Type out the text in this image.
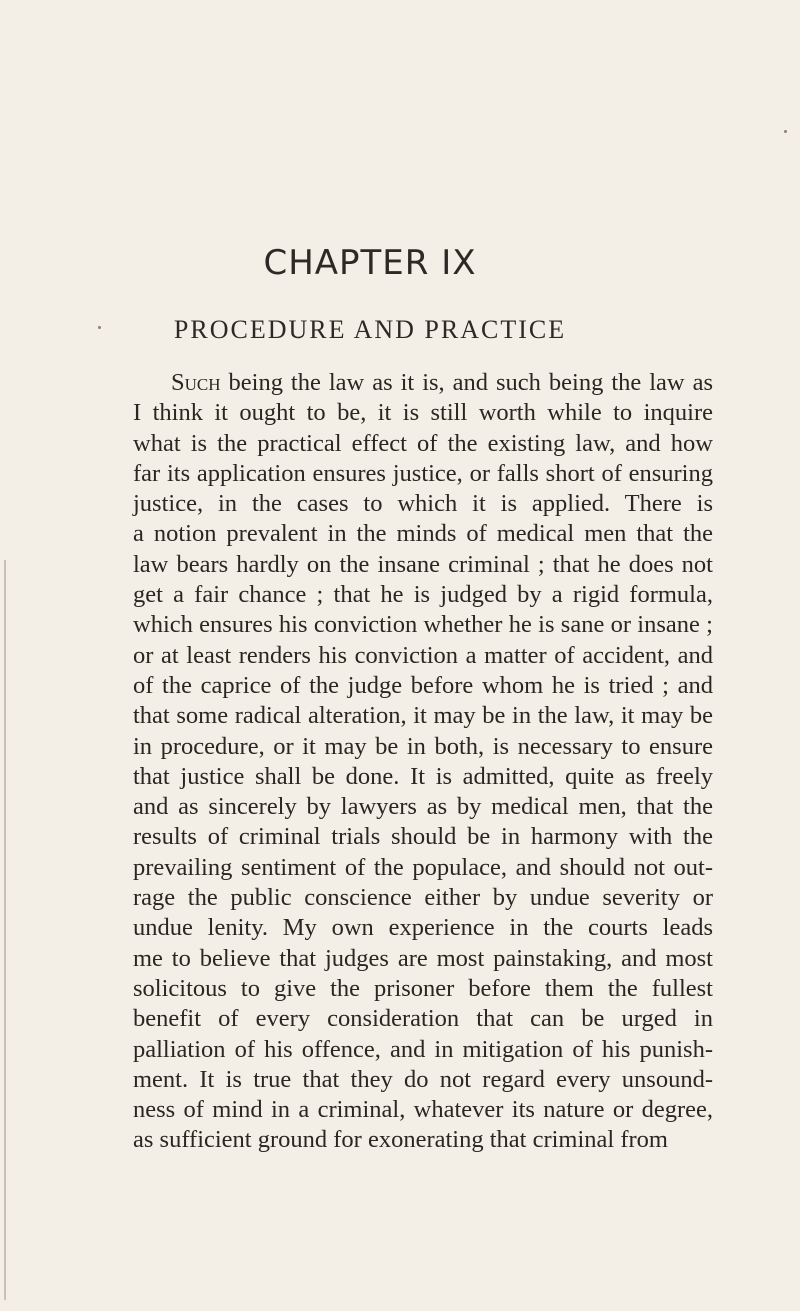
CHAPTER IX
PROCEDURE AND PRACTICE
Such being the law as it is, and such being the law as
I think it ought to be, it is still worth while to inquire
what is the practical effect of the existing law, and how
far its application ensures justice, or falls short of ensuring
justice, in the cases to which it is applied. There is
a notion prevalent in the minds of medical men that the
law bears hardly on the insane criminal ; that he does not
get a fair chance ; that he is judged by a rigid formula,
which ensures his conviction whether he is sane or insane ;
or at least renders his conviction a matter of accident, and
of the caprice of the judge before whom he is tried ; and
that some radical alteration, it may be in the law, it may be
in procedure, or it may be in both, is necessary to ensure
that justice shall be done. It is admitted, quite as freely
and as sincerely by lawyers as by medical men, that the
results of criminal trials should be in harmony with the
prevailing sentiment of the populace, and should not out-
rage the public conscience either by undue severity or
undue lenity. My own experience in the courts leads
me to believe that judges are most painstaking, and most
solicitous to give the prisoner before them the fullest
benefit of every consideration that can be urged in
palliation of his offence, and in mitigation of his punish-
ment. It is true that they do not regard every unsound-
ness of mind in a criminal, whatever its nature or degree,
as sufficient ground for exonerating that criminal from
